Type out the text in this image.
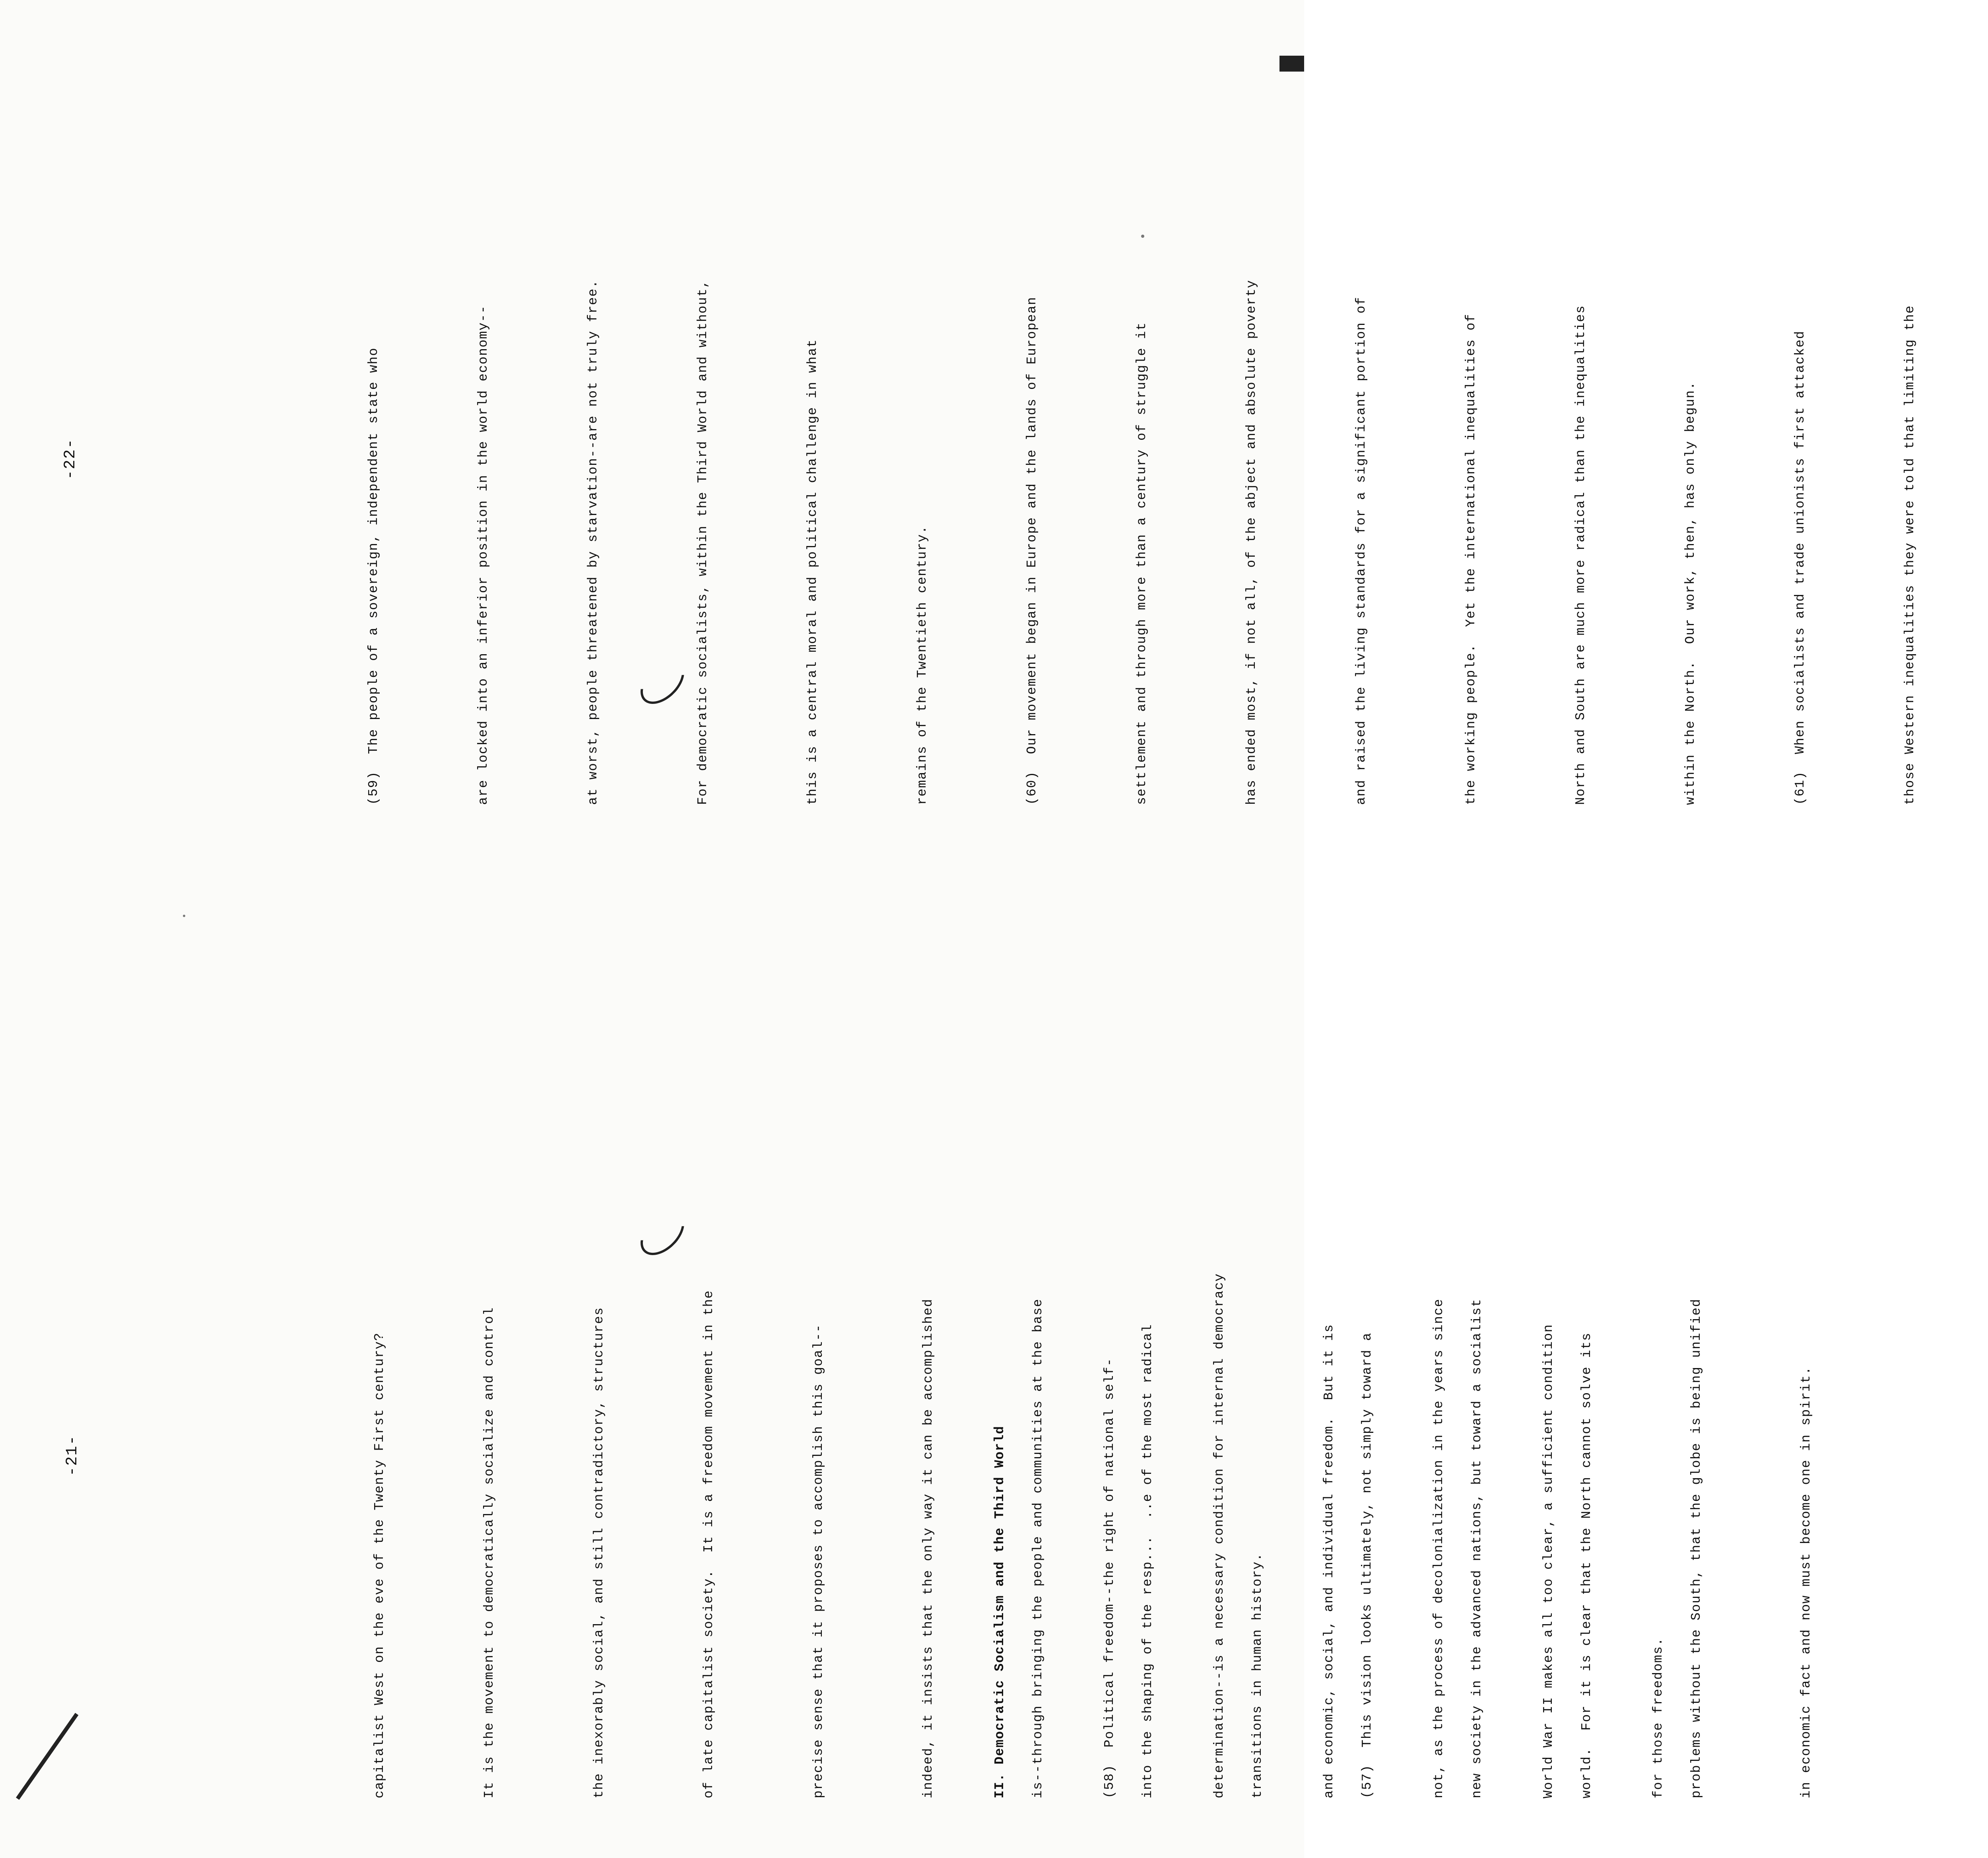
-21-

	capitalist West on the eve of the Twenty First century?

	It is the movement to democratically socialize and control

	the inexorably social, and still contradictory, structures

	of late capitalist society.  It is a freedom movement in the

	precise sense that it proposes to accomplish this goal--

	indeed, it insists that the only way it can be accomplished

	is--through bringing the people and communities at the base

	into the shaping of the resp...  ..e of the most radical

	transitions in human history.

	(57)  This vision looks ultimately, not simply toward a

	new society in the advanced nations, but toward a socialist

	world.  For it is clear that the North cannot solve its

	problems without the South, that the globe is being unified

	in economic fact and now must become one in spirit.

II. Democratic Socialism and the Third World

	(58)  Political freedom--the right of national self-

	determination--is a necessary condition for internal democracy

	and economic, social, and individual freedom.  But it is

	not, as the process of decolonialization in the years since

	World War II makes all too clear, a sufficient condition

	for those freedoms.

-22-

	(59)  The people of a sovereign, independent state who

	are locked into an inferior position in the world economy--

	at worst, people threatened by starvation--are not truly free.

	For democratic socialists, within the Third World and without,

	this is a central moral and political challenge in what

	remains of the Twentieth century.

	(60)  Our movement began in Europe and the lands of European

	settlement and through more than a century of struggle it

	has ended most, if not all, of the abject and absolute poverty

	and raised the living standards for a significant portion of

	the working people.  Yet the international inequalities of

	North and South are much more radical than the inequalities

	within the North.  Our work, then, has only begun.

	(61)  When socialists and trade unionists first attacked

	those Western inequalities they were told that limiting the
